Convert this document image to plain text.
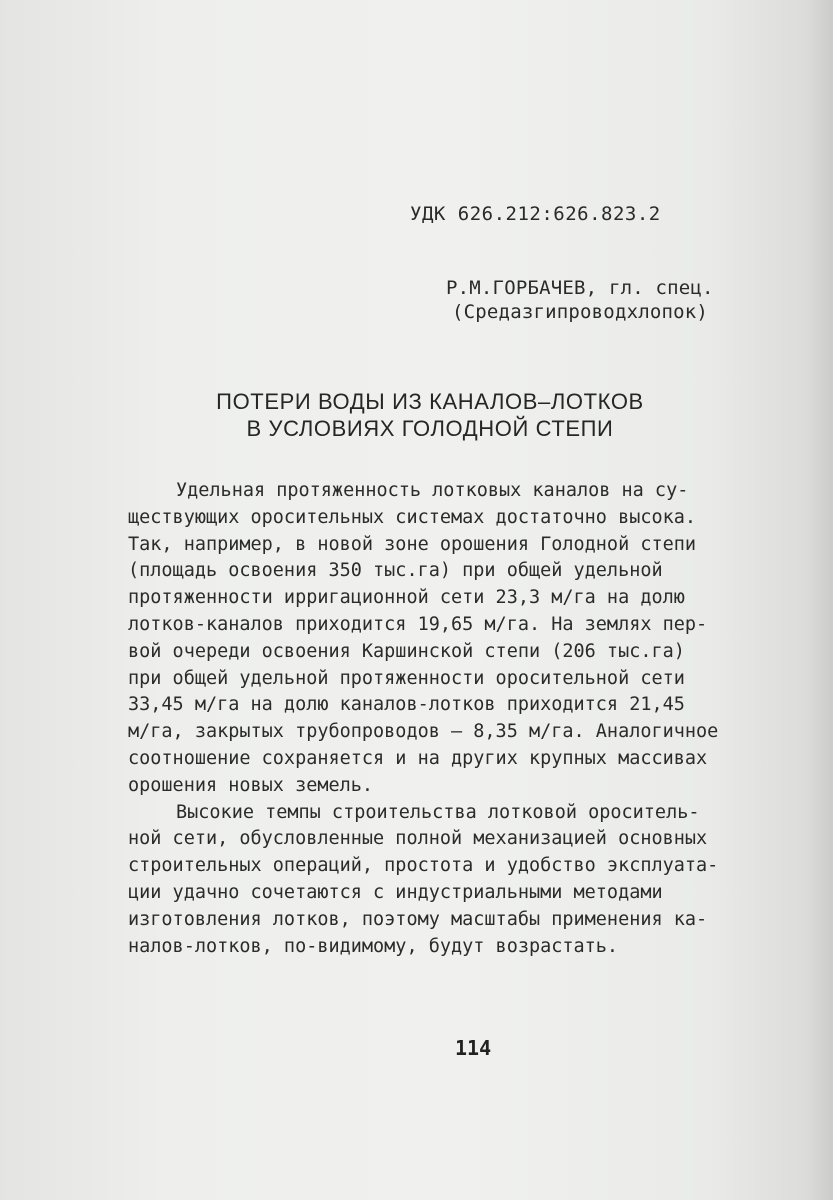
УДК 626.212:626.823.2
Р.М.ГОРБАЧЕВ, гл. спец.
(Средазгипроводхлопок)
ПОТЕРИ ВОДЫ ИЗ КАНАЛОВ–ЛОТКОВ
В УСЛОВИЯХ ГОЛОДНОЙ СТЕПИ

Удельная протяженность лотковых каналов на су-
ществующих оросительных системах достаточно высока.
Так, например, в новой зоне орошения Голодной степи
(площадь освоения 350 тыс.га) при общей удельной
протяженности ирригационной сети 23,3 м/га на долю
лотков-каналов приходится 19,65 м/га. На землях пер-
вой очереди освоения Каршинской степи (206 тыс.га)
при общей удельной протяженности оросительной сети
33,45 м/га на долю каналов-лотков приходится 21,45
м/га, закрытых трубопроводов – 8,35 м/га. Аналогичное
соотношение сохраняется и на других крупных массивах
орошения новых земель.

Высокие темпы строительства лотковой ороситель-
ной сети, обусловленные полной механизацией основных
строительных операций, простота и удобство эксплуата-
ции удачно сочетаются с индустриальными методами
изготовления лотков, поэтому масштабы применения ка-
налов-лотков, по-видимому, будут возрастать.

114
